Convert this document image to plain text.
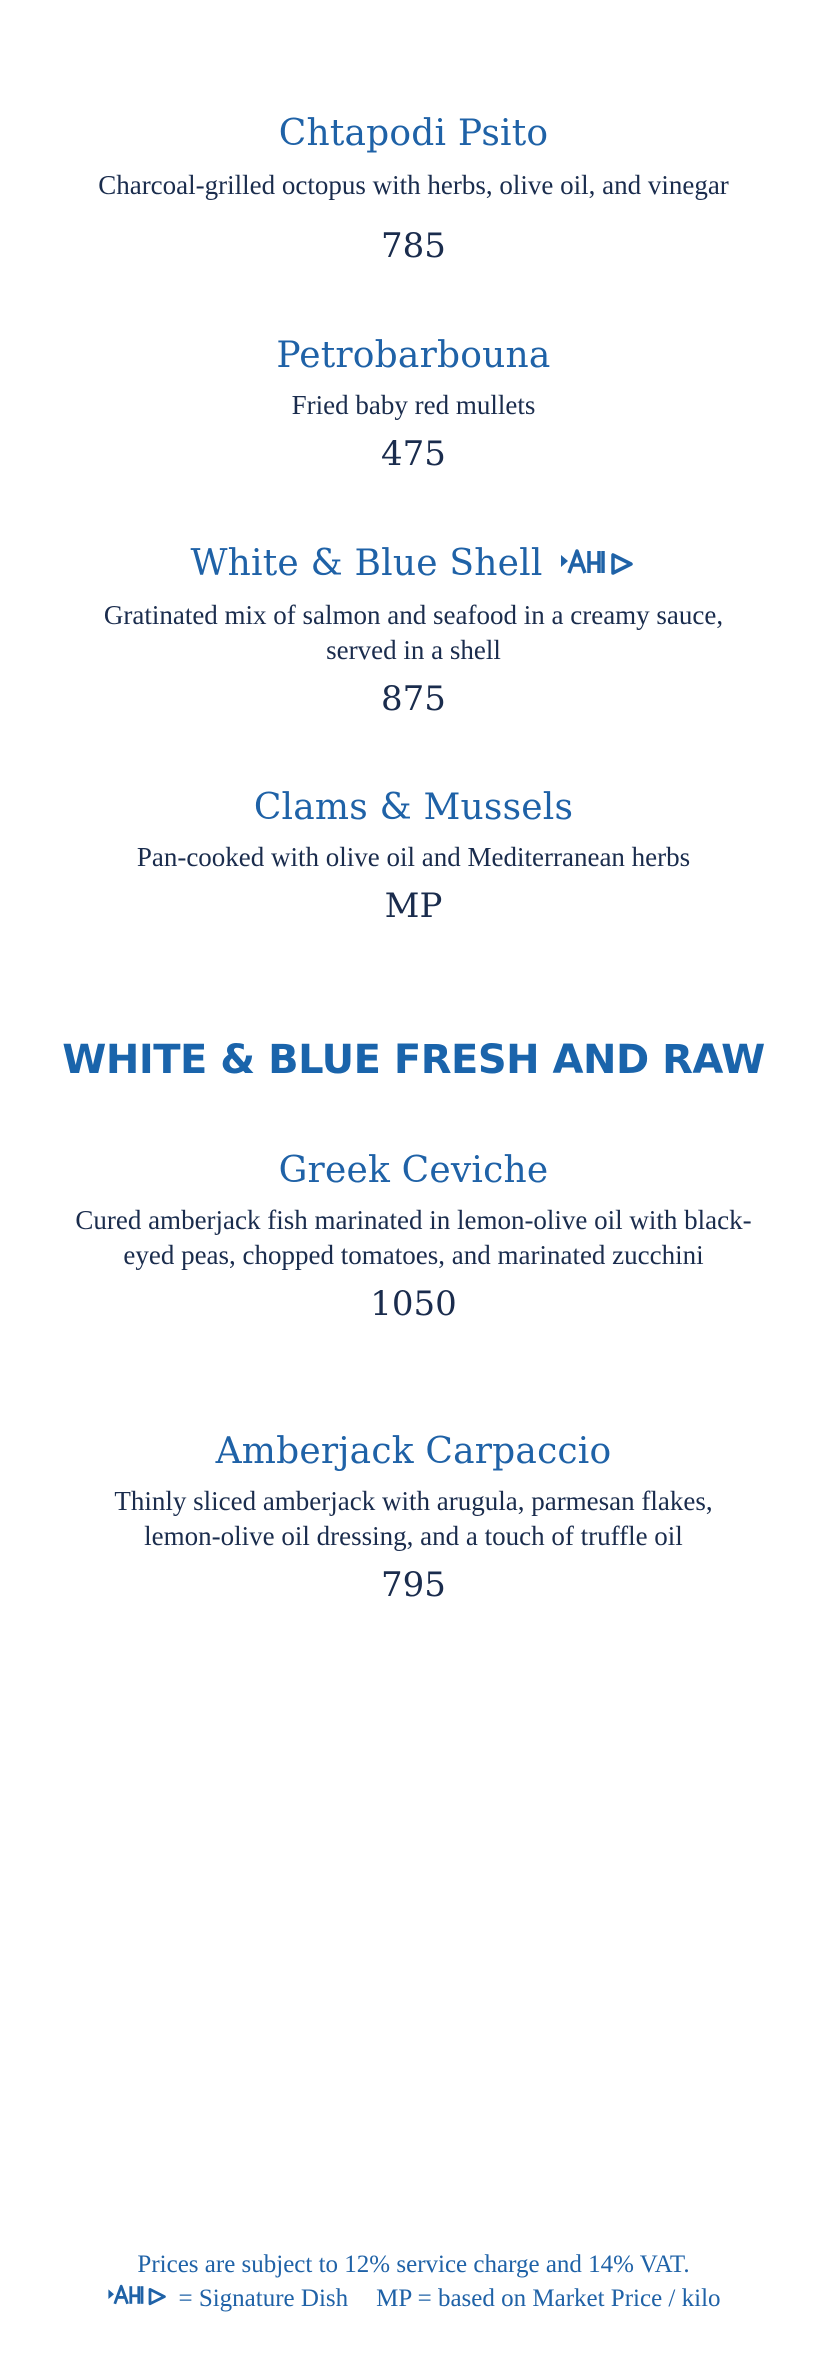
Chtapodi Psito

Charcoal-grilled octopus with herbs, olive oil, and vinegar

785

Petrobarbouna

Fried baby red mullets

475

White & Blue Shell

Gratinated mix of salmon and seafood in a creamy sauce, served in a shell

875

Clams & Mussels

Pan-cooked with olive oil and Mediterranean herbs

MP

WHITE & BLUE FRESH AND RAW
Greek Ceviche

Cured amberjack fish marinated in lemon-olive oil with black-eyed peas, chopped tomatoes, and marinated zucchini

1050

Amberjack Carpaccio

Thinly sliced amberjack with arugula, parmesan flakes, lemon-olive oil dressing, and a touch of truffle oil

795

Prices are subject to 12% service charge and 14% VAT.
= Signature Dish MP = based on Market Price / kilo
